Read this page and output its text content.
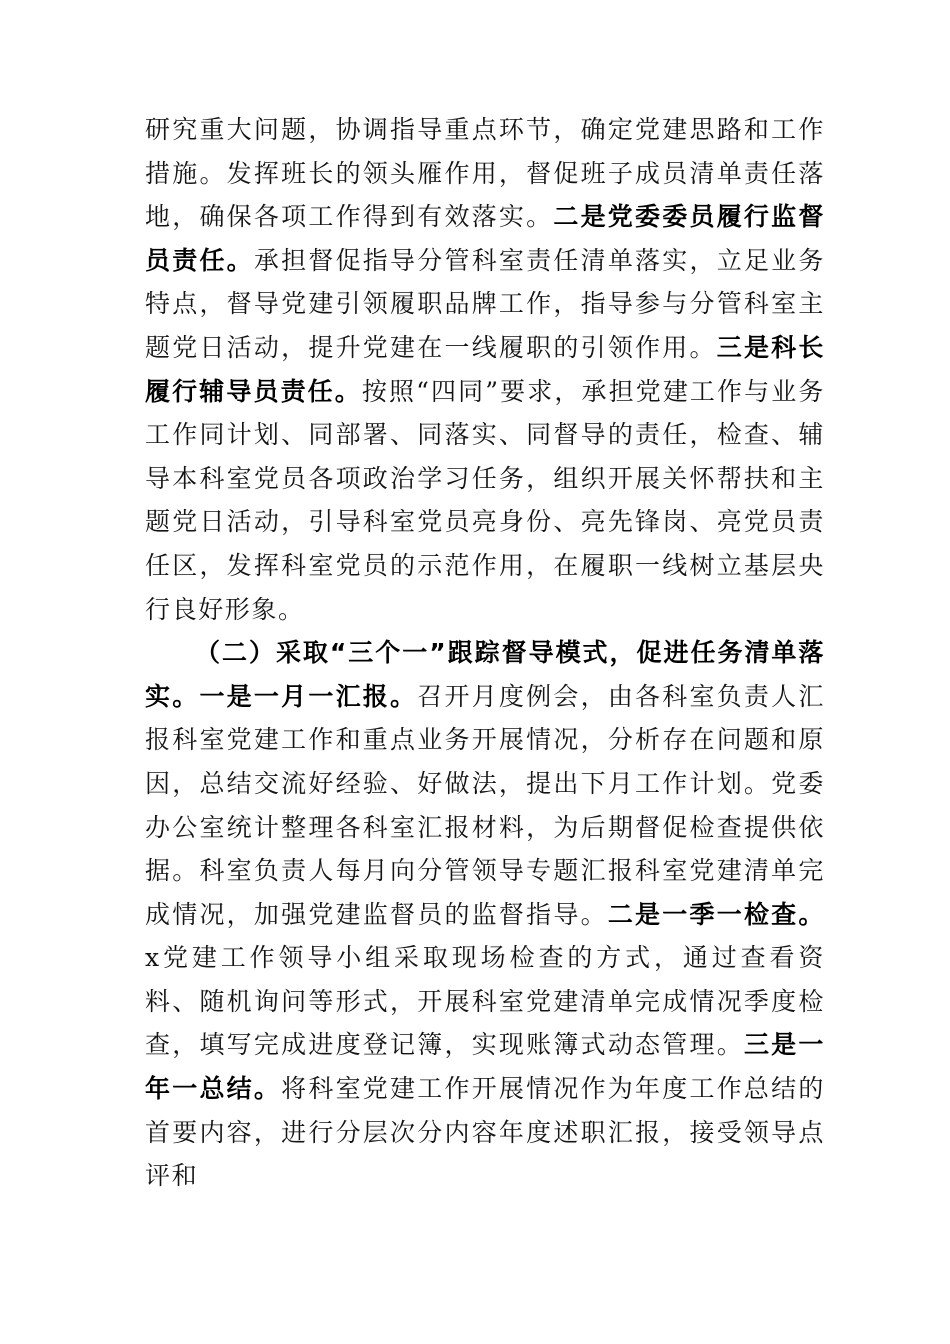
研究重大问题，协调指导重点环节，确定党建思路和工作措施。发挥班长的领头雁作用，督促班子成员清单责任落地，确保各项工作得到有效落实。二是党委委员履行监督员责任。承担督促指导分管科室责任清单落实，立足业务特点，督导党建引领履职品牌工作，指导参与分管科室主题党日活动，提升党建在一线履职的引领作用。三是科长履行辅导员责任。按照“四同”要求，承担党建工作与业务工作同计划、同部署、同落实、同督导的责任，检查、辅导本科室党员各项政治学习任务，组织开展关怀帮扶和主题党日活动，引导科室党员亮身份、亮先锋岗、亮党员责任区，发挥科室党员的示范作用，在履职一线树立基层央行良好形象。

（二）采取“三个一”跟踪督导模式，促进任务清单落实。一是一月一汇报。召开月度例会，由各科室负责人汇报科室党建工作和重点业务开展情况，分析存在问题和原因，总结交流好经验、好做法，提出下月工作计划。党委办公室统计整理各科室汇报材料，为后期督促检查提供依据。科室负责人每月向分管领导专题汇报科室党建清单完成情况，加强党建监督员的监督指导。二是一季一检查。x党建工作领导小组采取现场检查的方式，通过查看资料、随机询问等形式，开展科室党建清单完成情况季度检查，填写完成进度登记簿，实现账簿式动态管理。三是一年一总结。将科室党建工作开展情况作为年度工作总结的首要内容，进行分层次分内容年度述职汇报，接受领导点评和
